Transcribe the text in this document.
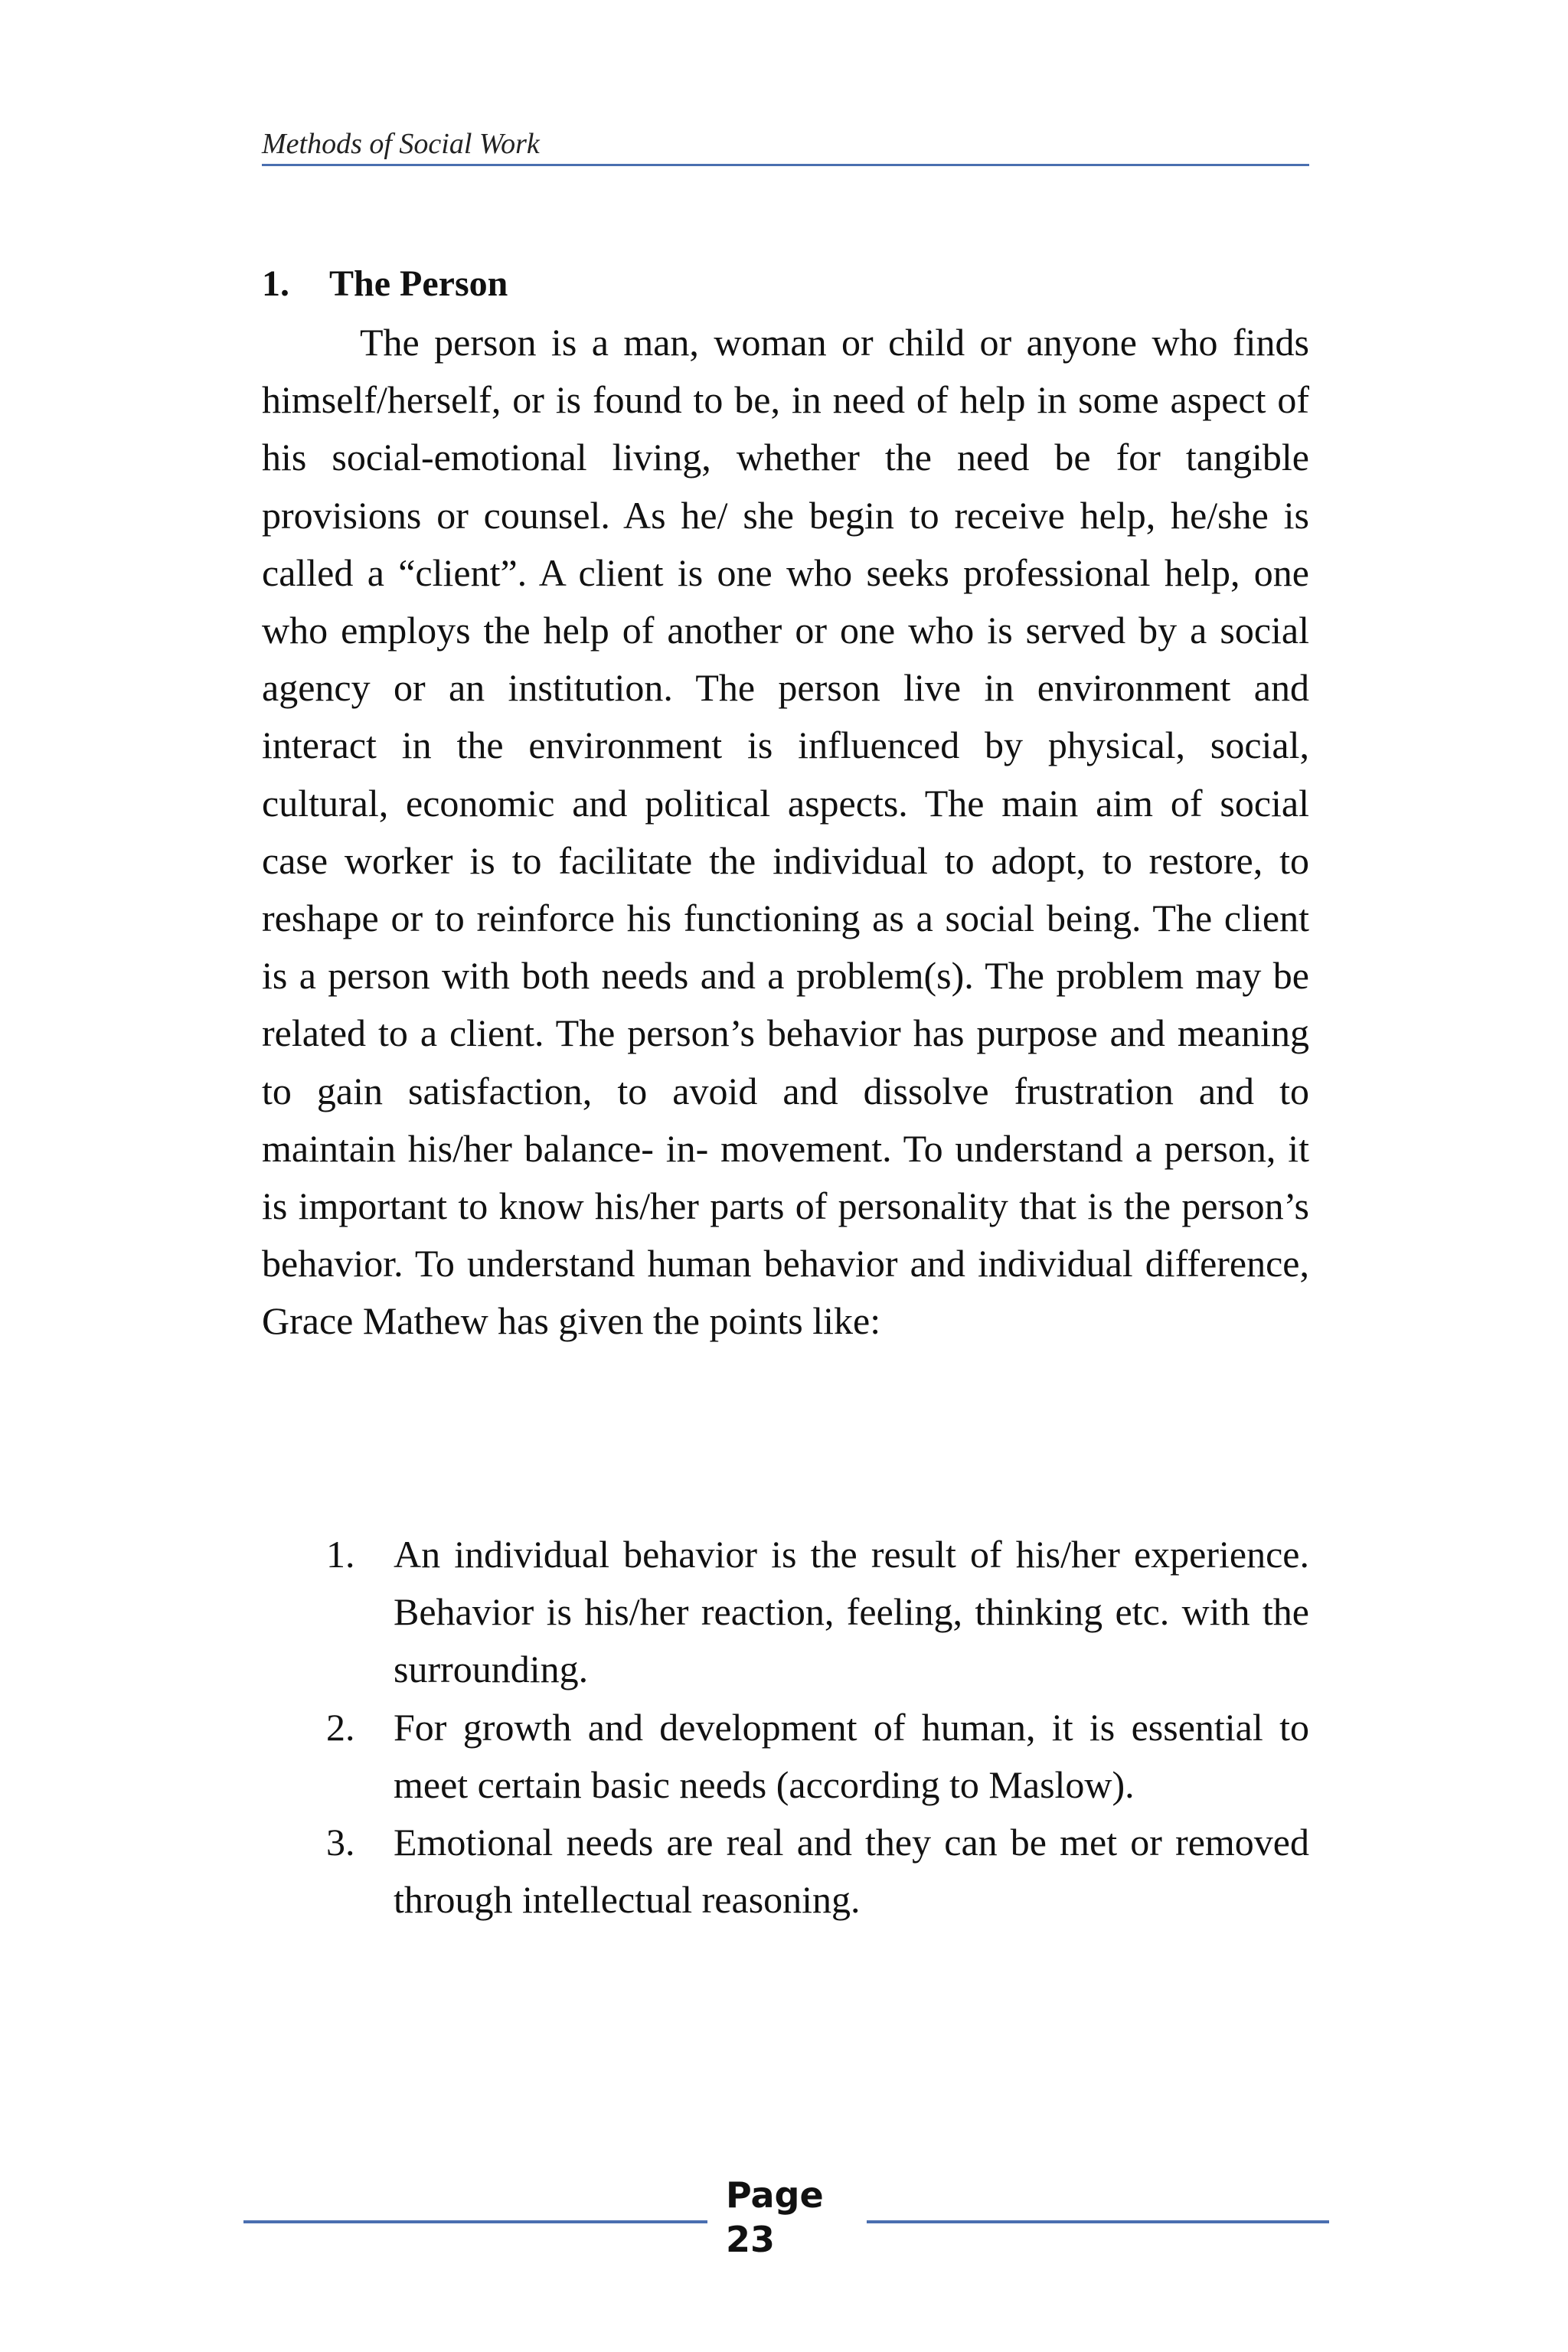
Methods of Social Work
1. The Person

The person is a man, woman or child or anyone who finds himself/herself, or is found to be, in need of help in some aspect of his social-emotional living, whether the need be for tangible provisions or counsel. As he/ she begin to receive help, he/she is called a “client”. A client is one who seeks professional help, one who employs the help of another or one who is served by a social agency or an institution. The person live in environment and interact in the environment is influenced by physical, social, cultural, economic and political aspects. The main aim of social case worker is to facilitate the individual to adopt, to restore, to reshape or to reinforce his functioning as a social being. The client is a person with both needs and a problem(s). The problem may be related to a client. The person’s behavior has purpose and meaning to gain satisfaction, to avoid and dissolve frustration and to maintain his/her balance- in- movement. To understand a person, it is important to know his/her parts of personality that is the person’s behavior. To understand human behavior and individual difference, Grace Mathew has given the points like:

1. An individual behavior is the result of his/her experience. Behavior is his/her reaction, feeling, thinking etc. with the surrounding.
2. For growth and development of human, it is essential to meet certain basic needs (according to Maslow).
3. Emotional needs are real and they can be met or removed through intellectual reasoning.
Page
23
